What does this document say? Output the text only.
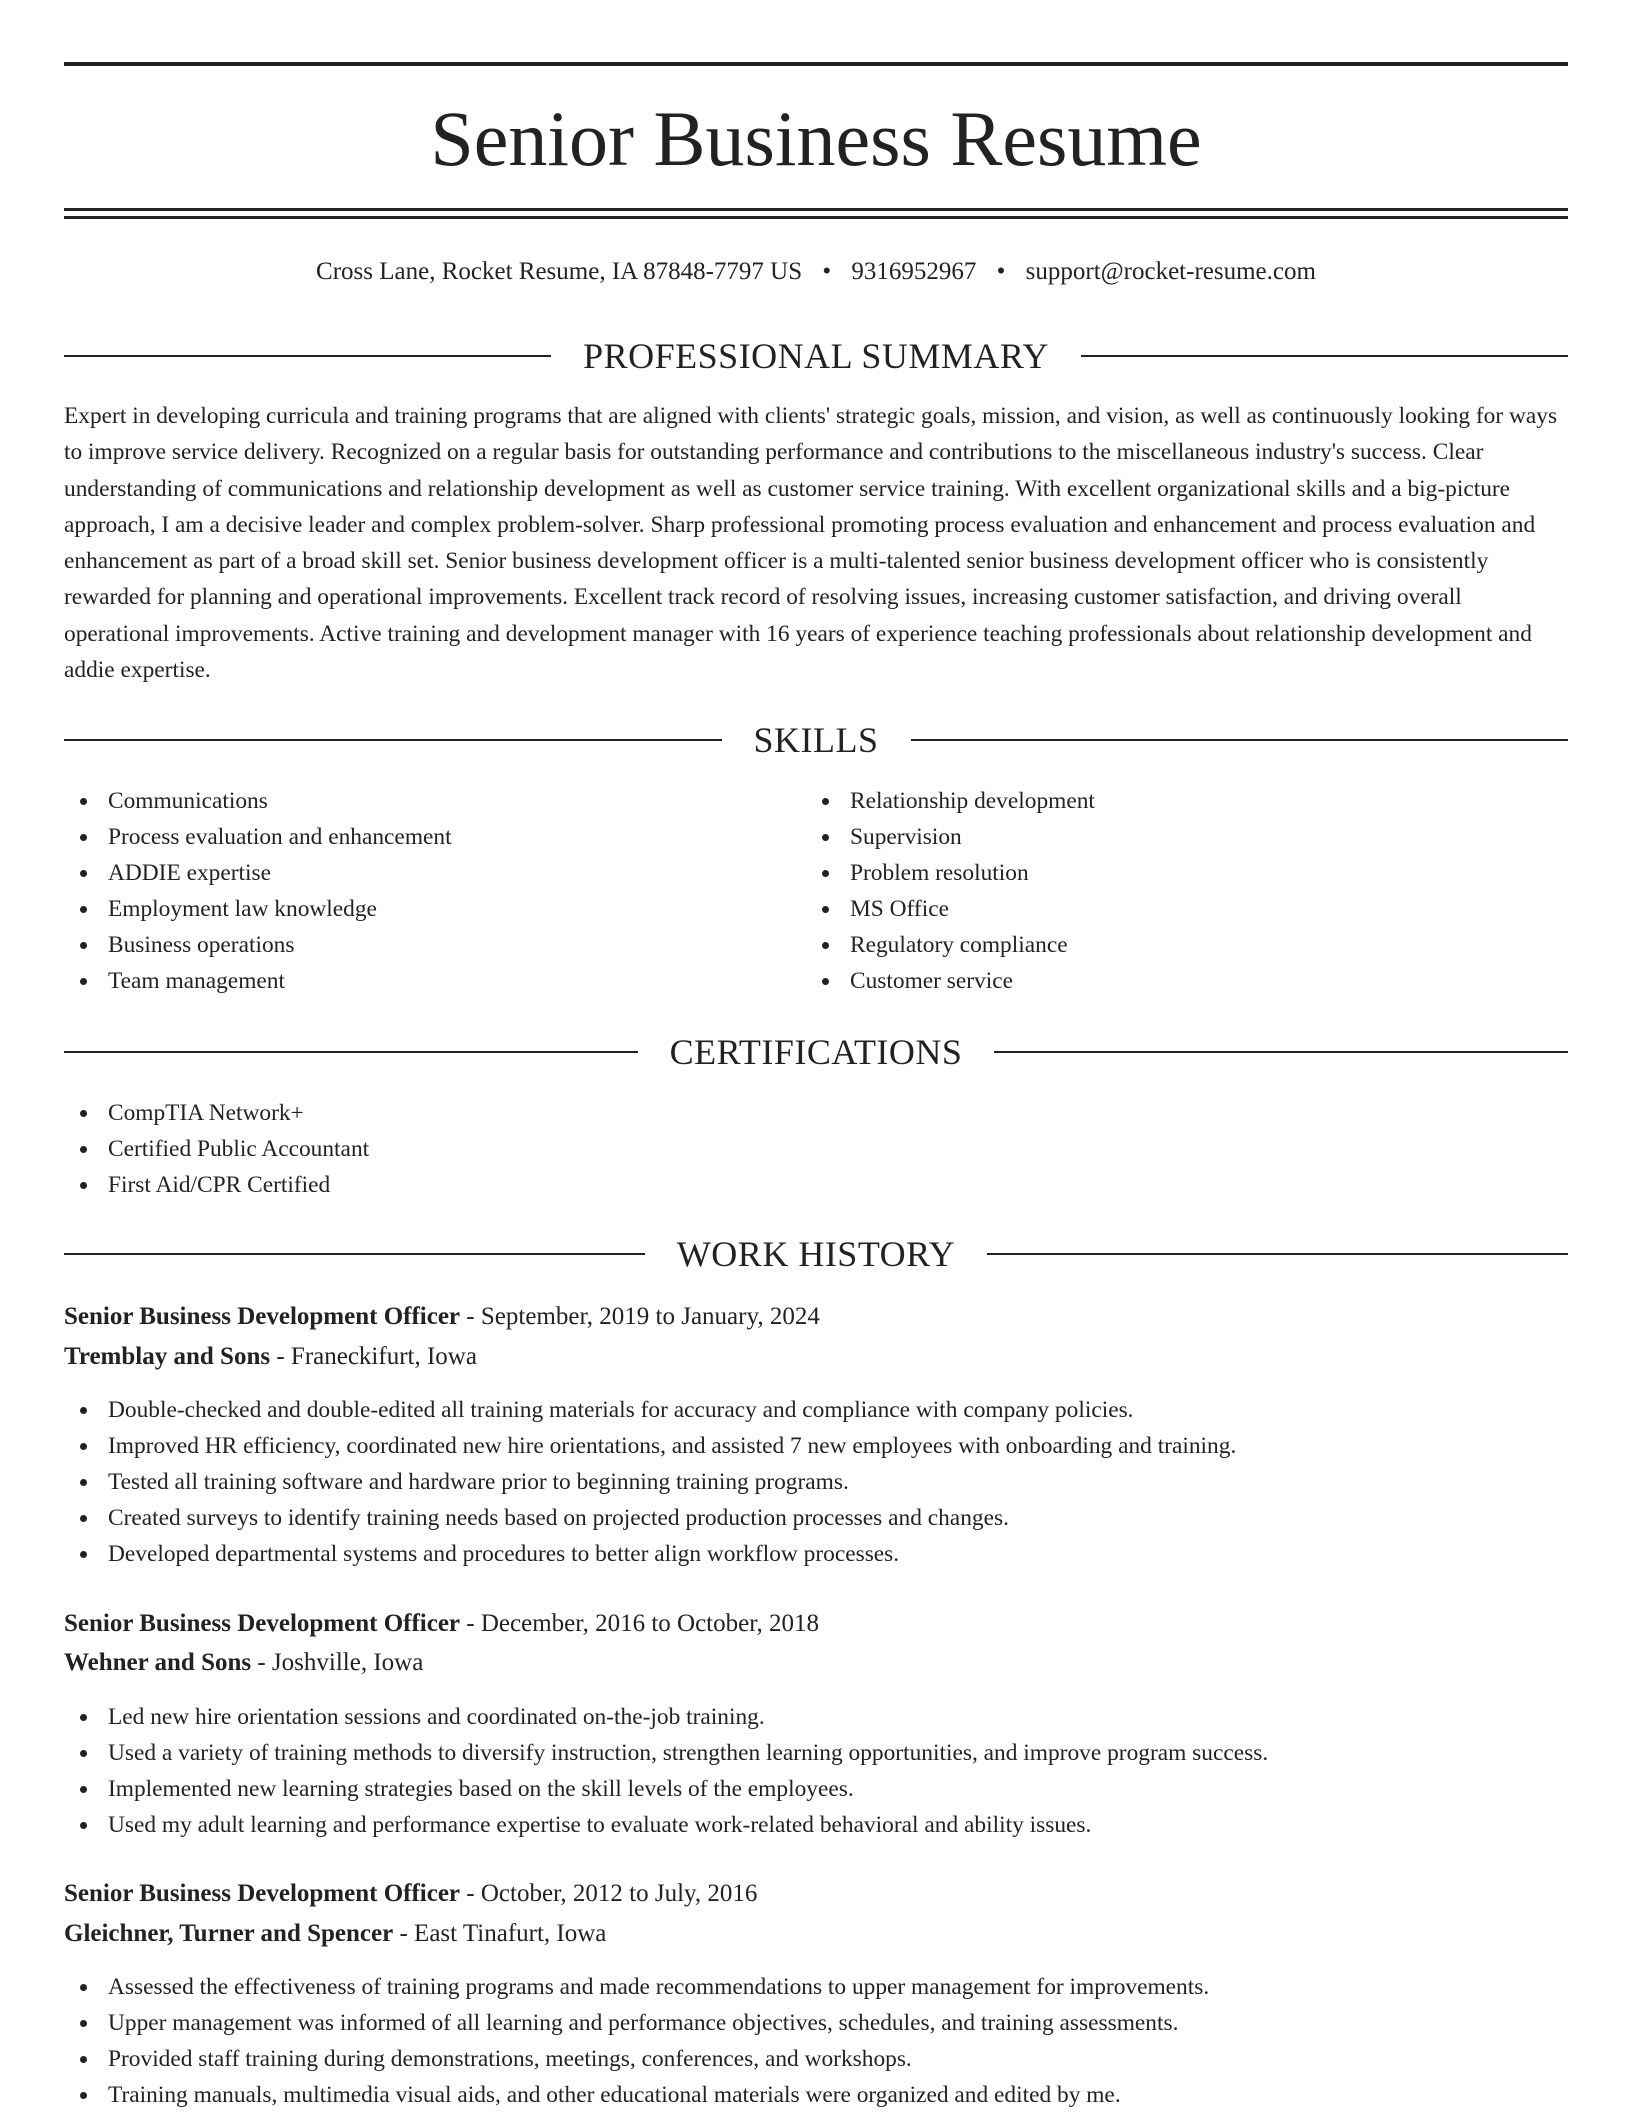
Senior Business Resume
Cross Lane, Rocket Resume, IA 87848-7797 US • 9316952967 • support@rocket-resume.com
PROFESSIONAL SUMMARY

Expert in developing curricula and training programs that are aligned with clients' strategic goals, mission, and vision, as well as continuously looking for ways to improve service delivery. Recognized on a regular basis for outstanding performance and contributions to the miscellaneous industry's success. Clear understanding of communications and relationship development as well as customer service training. With excellent organizational skills and a big-picture approach, I am a decisive leader and complex problem-solver. Sharp professional promoting process evaluation and enhancement and process evaluation and enhancement as part of a broad skill set. Senior business development officer is a multi-talented senior business development officer who is consistently rewarded for planning and operational improvements. Excellent track record of resolving issues, increasing customer satisfaction, and driving overall operational improvements. Active training and development manager with 16 years of experience teaching professionals about relationship development and addie expertise.

SKILLS
Communications
Process evaluation and enhancement
ADDIE expertise
Employment law knowledge
Business operations
Team management
Relationship development
Supervision
Problem resolution
MS Office
Regulatory compliance
Customer service
CERTIFICATIONS
CompTIA Network+
Certified Public Accountant
First Aid/CPR Certified
WORK HISTORY
Senior Business Development Officer - September, 2019 to January, 2024
Tremblay and Sons - Franeckifurt, Iowa
Double-checked and double-edited all training materials for accuracy and compliance with company policies.
Improved HR efficiency, coordinated new hire orientations, and assisted 7 new employees with onboarding and training.
Tested all training software and hardware prior to beginning training programs.
Created surveys to identify training needs based on projected production processes and changes.
Developed departmental systems and procedures to better align workflow processes.
Senior Business Development Officer - December, 2016 to October, 2018
Wehner and Sons - Joshville, Iowa
Led new hire orientation sessions and coordinated on-the-job training.
Used a variety of training methods to diversify instruction, strengthen learning opportunities, and improve program success.
Implemented new learning strategies based on the skill levels of the employees.
Used my adult learning and performance expertise to evaluate work-related behavioral and ability issues.
Senior Business Development Officer - October, 2012 to July, 2016
Gleichner, Turner and Spencer - East Tinafurt, Iowa
Assessed the effectiveness of training programs and made recommendations to upper management for improvements.
Upper management was informed of all learning and performance objectives, schedules, and training assessments.
Provided staff training during demonstrations, meetings, conferences, and workshops.
Training manuals, multimedia visual aids, and other educational materials were organized and edited by me.
